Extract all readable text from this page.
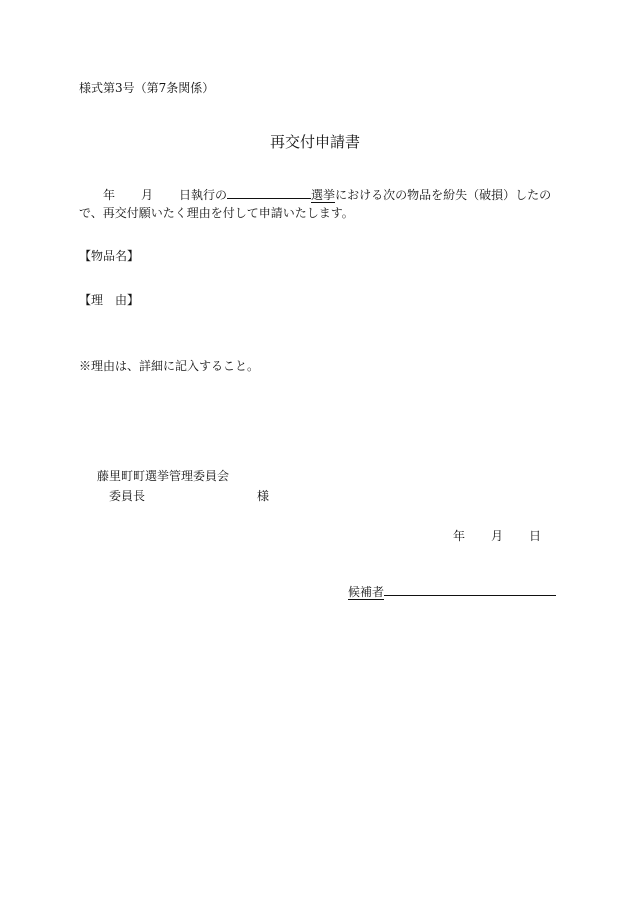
様式第3号（第7条関係）
再交付申請書
年 月 日執行の	選挙における次の物品を紛失（破損）したの
で、再交付願いたく理由を付して申請いたします。
【物品名】
【理　由】
※理由は、詳細に記入すること。
藤里町町選挙管理委員会
委員長	様
年 月 日
候補者
